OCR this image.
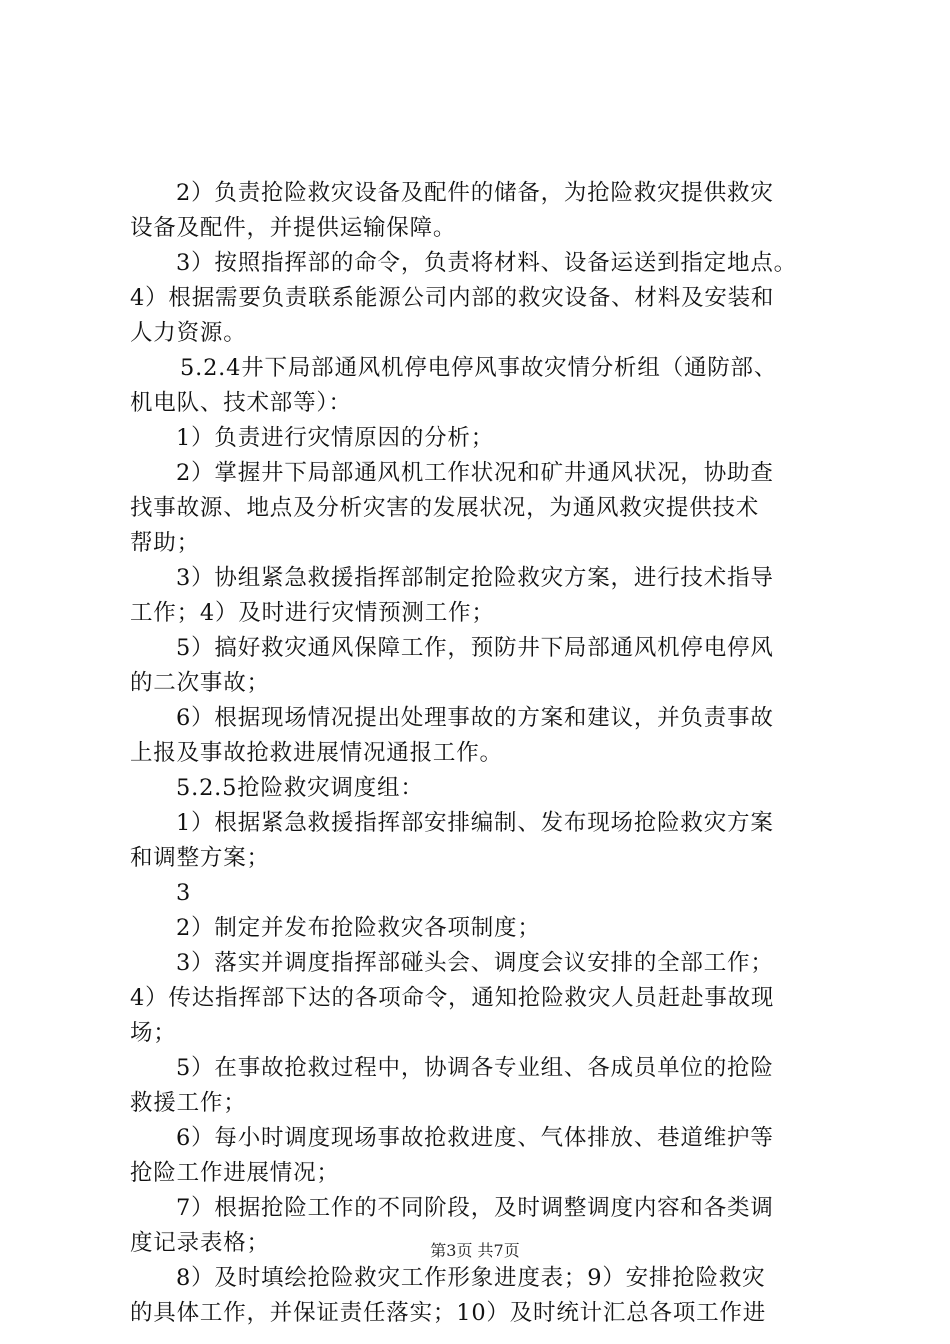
2）负责抢险救灾设备及配件的储备，为抢险救灾提供救灾
设备及配件，并提供运输保障。
3）按照指挥部的命令，负责将材料、设备运送到指定地点。
4）根据需要负责联系能源公司内部的救灾设备、材料及安装和
人力资源。
5.2.4井下局部通风机停电停风事故灾情分析组（通防部、
机电队、技术部等）：
1）负责进行灾情原因的分析；
2）掌握井下局部通风机工作状况和矿井通风状况，协助查
找事故源、地点及分析灾害的发展状况，为通风救灾提供技术
帮助；
3）协组紧急救援指挥部制定抢险救灾方案，进行技术指导
工作；4）及时进行灾情预测工作；
5）搞好救灾通风保障工作，预防井下局部通风机停电停风
的二次事故；
6）根据现场情况提出处理事故的方案和建议，并负责事故
上报及事故抢救进展情况通报工作。
5.2.5抢险救灾调度组：
1）根据紧急救援指挥部安排编制、发布现场抢险救灾方案
和调整方案；
3
2）制定并发布抢险救灾各项制度；
3）落实并调度指挥部碰头会、调度会议安排的全部工作；
4）传达指挥部下达的各项命令，通知抢险救灾人员赶赴事故现
场；
5）在事故抢救过程中，协调各专业组、各成员单位的抢险
救援工作；
6）每小时调度现场事故抢救进度、气体排放、巷道维护等
抢险工作进展情况；
7）根据抢险工作的不同阶段，及时调整调度内容和各类调
度记录表格；
8）及时填绘抢险救灾工作形象进度表；9）安排抢险救灾
的具体工作，并保证责任落实；10）及时统计汇总各项工作进
第3页 共7页
